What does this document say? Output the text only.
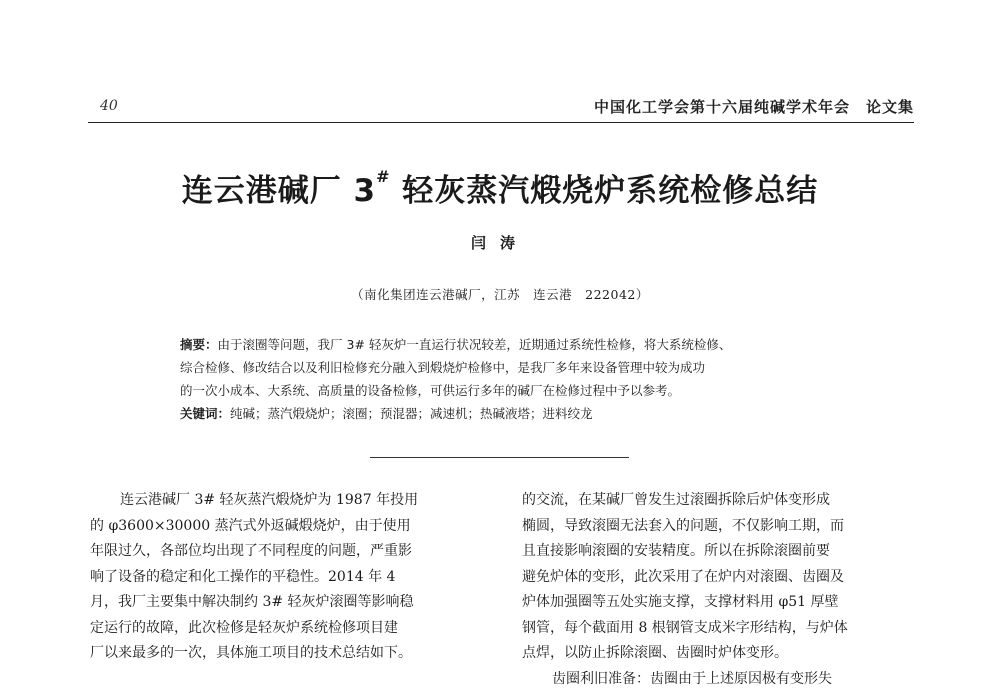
40	中国化工学会第十六届纯碱学术年会　论文集
连云港碱厂 3# 轻灰蒸汽煅烧炉系统检修总结
闫涛
（南化集团连云港碱厂，江苏　连云港　222042）
摘要：由于滚圈等问题，我厂 3# 轻灰炉一直运行状况较差，近期通过系统性检修，将大系统检修、
综合检修、修改结合以及利旧检修充分融入到煅烧炉检修中，是我厂多年来设备管理中较为成功
的一次小成本、大系统、高质量的设备检修，可供运行多年的碱厂在检修过程中予以参考。
关键词：纯碱；蒸汽煅烧炉；滚圈；预混器；减速机；热碱液塔；进料绞龙
连云港碱厂 3# 轻灰蒸汽煅烧炉为 1987 年投用
的 φ3600×30000 蒸汽式外返碱煅烧炉，由于使用
年限过久，各部位均出现了不同程度的问题，严重影
响了设备的稳定和化工操作的平稳性。2014 年 4
月，我厂主要集中解决制约 3# 轻灰炉滚圈等影响稳
定运行的故障，此次检修是轻灰炉系统检修项目建
厂以来最多的一次，具体施工项目的技术总结如下。
的交流，在某碱厂曾发生过滚圈拆除后炉体变形成
椭圆，导致滚圈无法套入的问题，不仅影响工期，而
且直接影响滚圈的安装精度。所以在拆除滚圈前要
避免炉体的变形，此次采用了在炉内对滚圈、齿圈及
炉体加强圈等五处实施支撑，支撑材料用 φ51 厚壁
钢管，每个截面用 8 根钢管支成米字形结构，与炉体
点焊，以防止拆除滚圈、齿圈时炉体变形。
齿圈利旧准备：齿圈由于上述原因极有变形失
